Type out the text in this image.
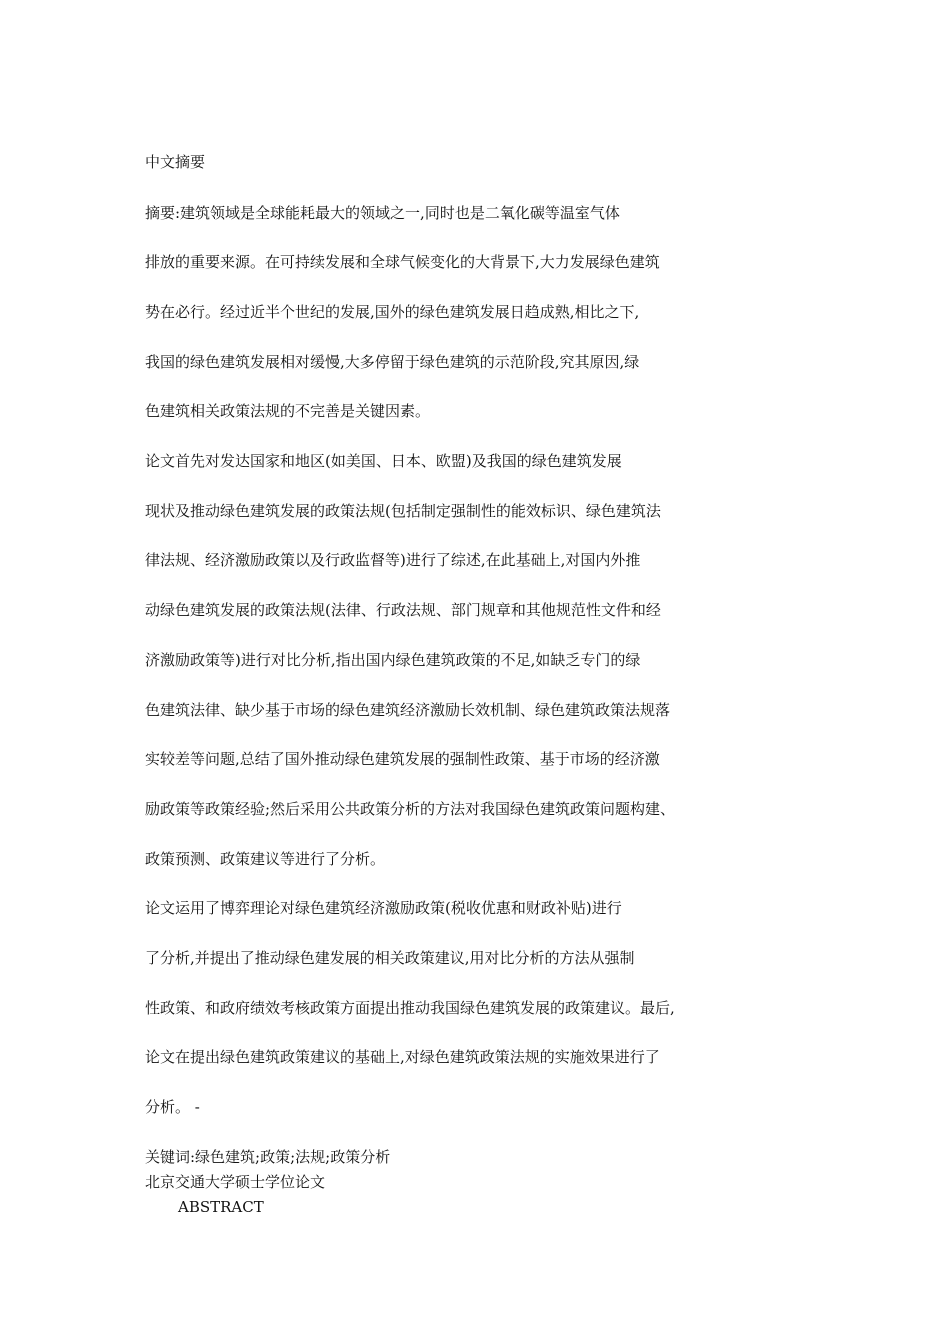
中文摘要

摘要:建筑领域是全球能耗最大的领域之一,同时也是二氧化碳等温室气体

排放的重要来源。在可持续发展和全球气候变化的大背景下,大力发展绿色建筑

势在必行。经过近半个世纪的发展,国外的绿色建筑发展日趋成熟,相比之下,

我国的绿色建筑发展相对缓慢,大多停留于绿色建筑的示范阶段,究其原因,绿

色建筑相关政策法规的不完善是关键因素。

论文首先对发达国家和地区(如美国、日本、欧盟)及我国的绿色建筑发展

现状及推动绿色建筑发展的政策法规(包括制定强制性的能效标识、绿色建筑法

律法规、经济激励政策以及行政监督等)进行了综述,在此基础上,对国内外推

动绿色建筑发展的政策法规(法律、行政法规、部门规章和其他规范性文件和经

济激励政策等)进行对比分析,指出国内绿色建筑政策的不足,如缺乏专门的绿

色建筑法律、缺少基于市场的绿色建筑经济激励长效机制、绿色建筑政策法规落

实较差等问题,总结了国外推动绿色建筑发展的强制性政策、基于市场的经济激

励政策等政策经验;然后采用公共政策分析的方法对我国绿色建筑政策问题构建、

政策预测、政策建议等进行了分析。

论文运用了博弈理论对绿色建筑经济激励政策(税收优惠和财政补贴)进行

了分析,并提出了推动绿色建发展的相关政策建议,用对比分析的方法从强制

性政策、和政府绩效考核政策方面提出推动我国绿色建筑发展的政策建议。最后,

论文在提出绿色建筑政策建议的基础上,对绿色建筑政策法规的实施效果进行了

分析。 -

关键词:绿色建筑;政策;法规;政策分析

北京交通大学硕士学位论文

ABSTRACT
